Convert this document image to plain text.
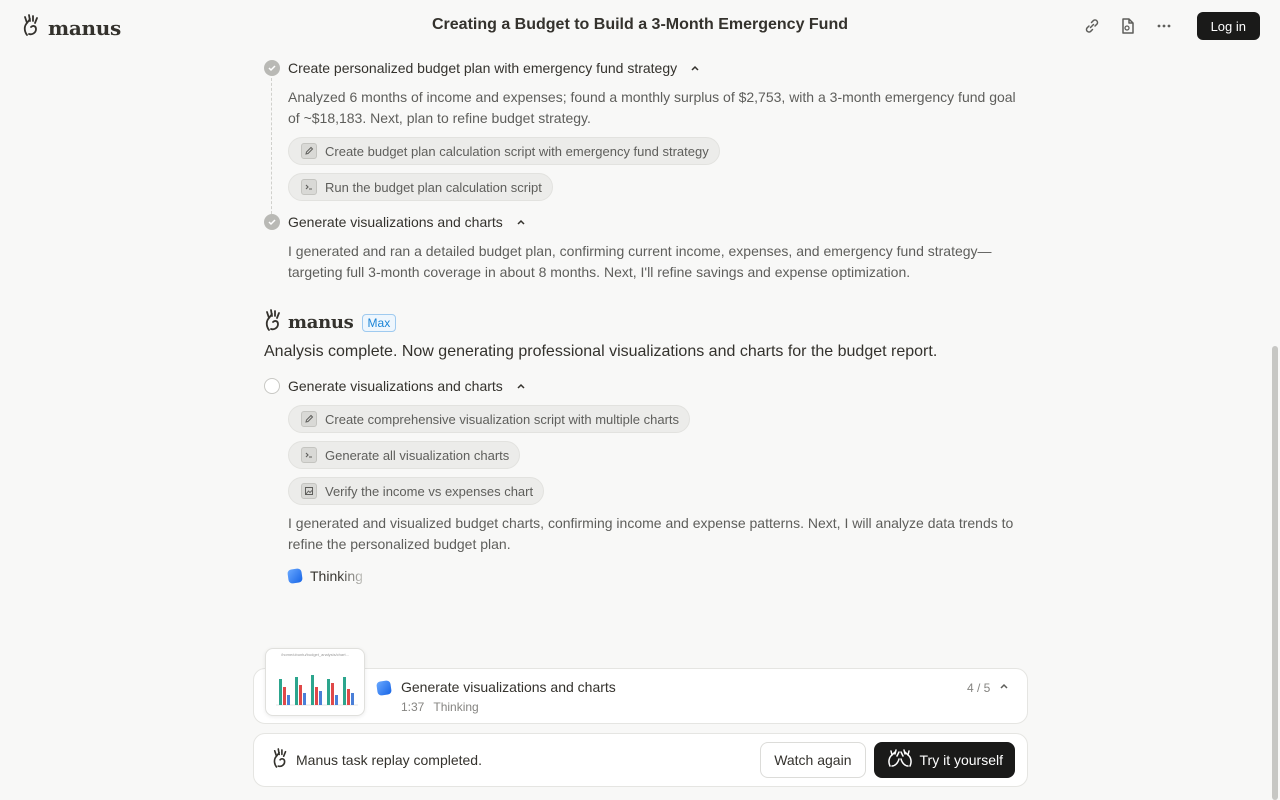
manus	Creating a Budget to Build a 3-Month Emergency Fund	Log in
Create personalized budget plan with emergency fund strategy
Analyzed 6 months of income and expenses; found a monthly surplus of $2,753, with a 3-month emergency fund goal of ~$18,183. Next, plan to refine budget strategy.
Create budget plan calculation script with emergency fund strategy
Run the budget plan calculation script
Generate visualizations and charts
I generated and ran a detailed budget plan, confirming current income, expenses, and emergency fund strategy—targeting full 3-month coverage in about 8 months. Next, I'll refine savings and expense optimization.
manus	Max
Analysis complete. Now generating professional visualizations and charts for the budget report.
Generate visualizations and charts
Create comprehensive visualization script with multiple charts
Generate all visualization charts
Verify the income vs expenses chart
I generated and visualized budget charts, confirming income and expense patterns. Next, I will analyze data trends to refine the personalized budget plan.
Thinking
/home/ubuntu/budget_analysis/chart...
Generate visualizations and charts
1:37 Thinking
4 / 5
Manus task replay completed.	Watch again	Try it yourself
